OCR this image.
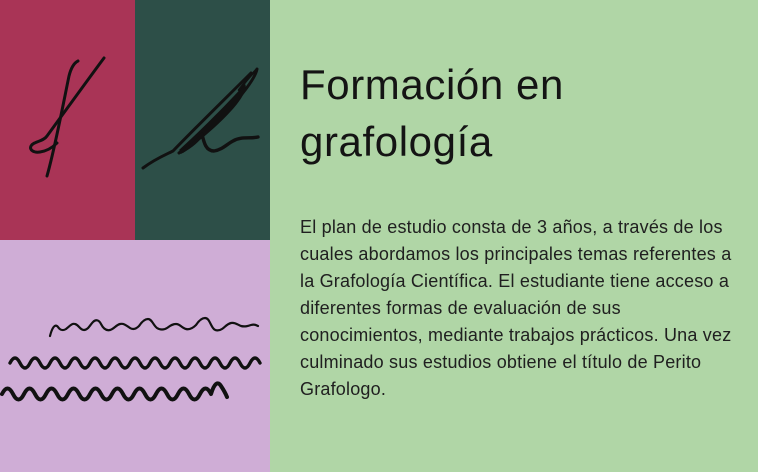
Formación en grafología

El plan de estudio consta de 3 años, a través de los cuales abordamos los principales temas referentes a la Grafología Científica. El estudiante tiene acceso a diferentes formas de evaluación de sus conocimientos, mediante trabajos prácticos. Una vez culminado sus estudios obtiene el título de Perito Grafologo.
